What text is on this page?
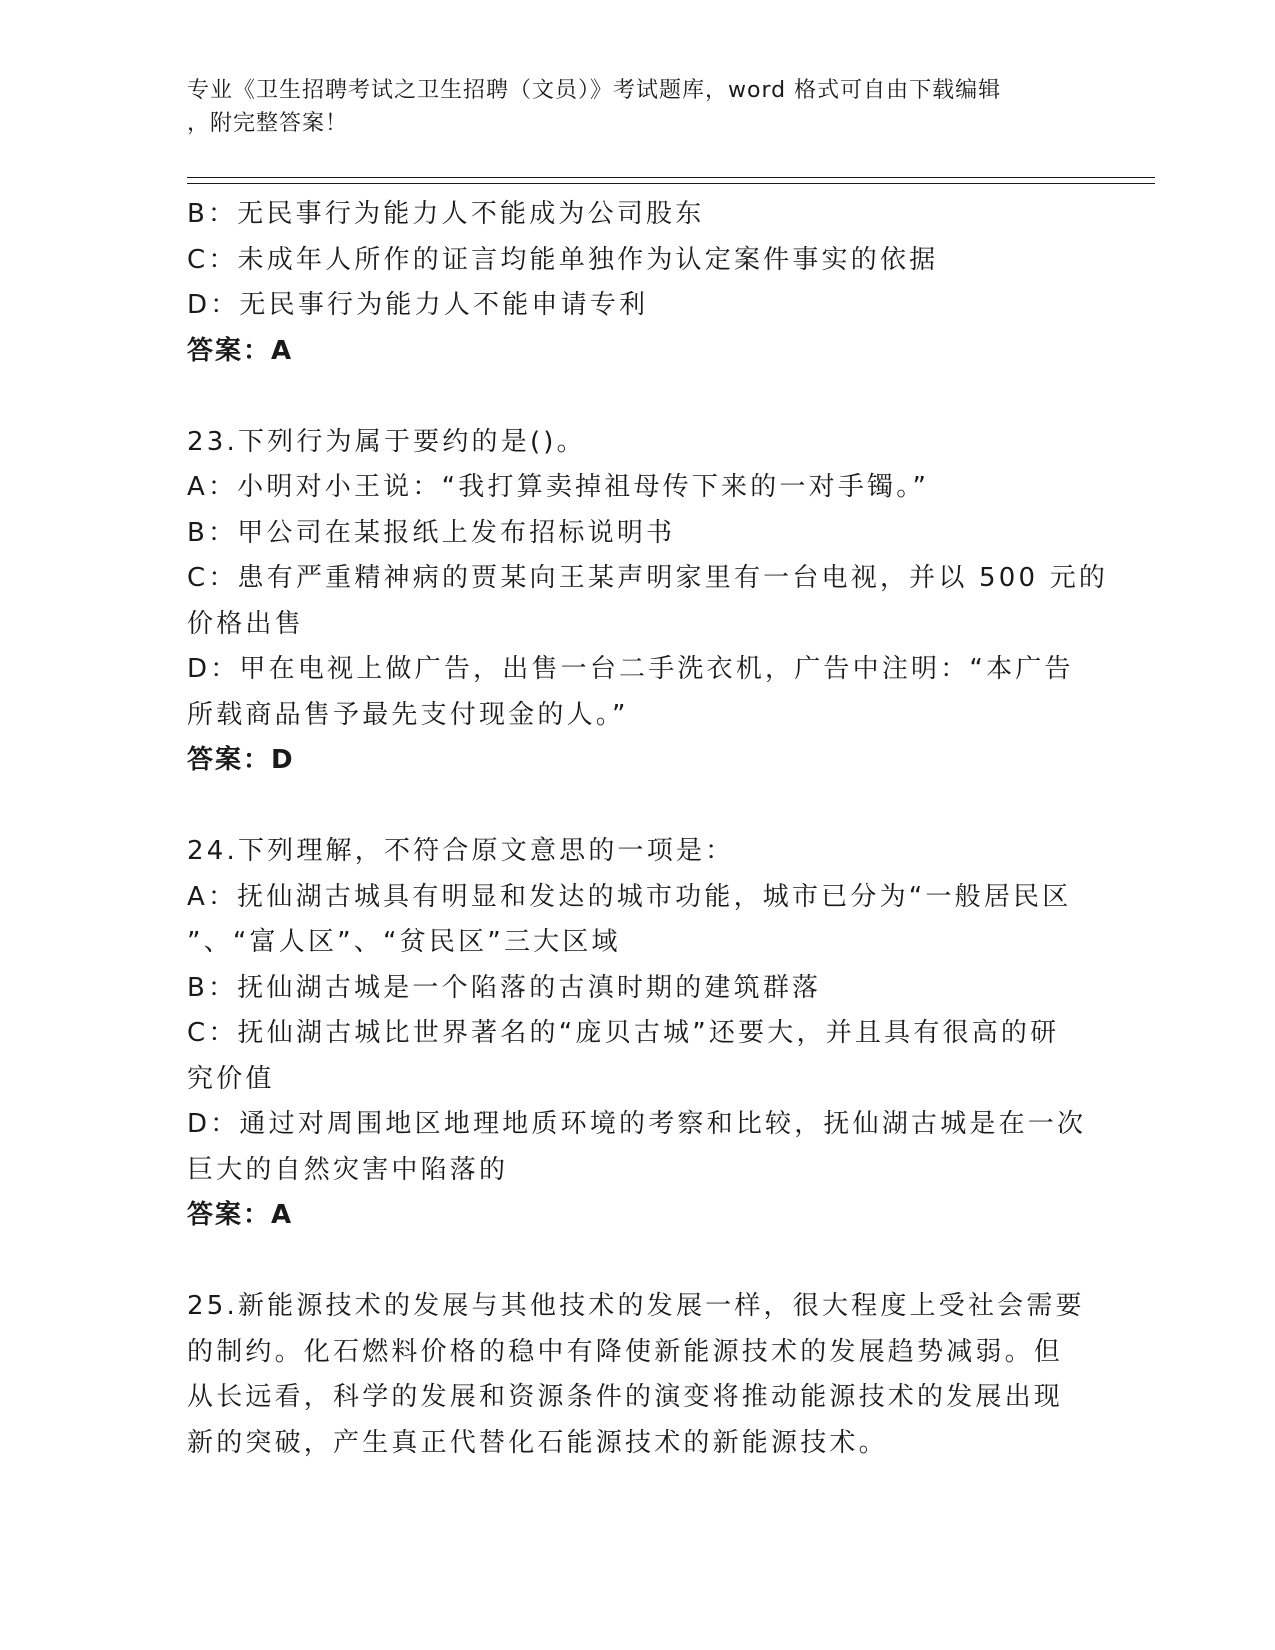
专业《卫生招聘考试之卫生招聘（文员）》考试题库，word 格式可自由下载编辑
，附完整答案！
B：无民事行为能力人不能成为公司股东
C：未成年人所作的证言均能单独作为认定案件事实的依据
D：无民事行为能力人不能申请专利
答案：A
23.下列行为属于要约的是()。
A：小明对小王说：“我打算卖掉祖母传下来的一对手镯。”
B：甲公司在某报纸上发布招标说明书
C：患有严重精神病的贾某向王某声明家里有一台电视，并以 500 元的
价格出售
D：甲在电视上做广告，出售一台二手洗衣机，广告中注明：“本广告
所载商品售予最先支付现金的人。”
答案：D
24.下列理解，不符合原文意思的一项是：
A：抚仙湖古城具有明显和发达的城市功能，城市已分为“一般居民区
”、“富人区”、“贫民区”三大区域
B：抚仙湖古城是一个陷落的古滇时期的建筑群落
C：抚仙湖古城比世界著名的“庞贝古城”还要大，并且具有很高的研
究价值
D：通过对周围地区地理地质环境的考察和比较，抚仙湖古城是在一次
巨大的自然灾害中陷落的
答案：A
25.新能源技术的发展与其他技术的发展一样，很大程度上受社会需要
的制约。化石燃料价格的稳中有降使新能源技术的发展趋势减弱。但
从长远看，科学的发展和资源条件的演变将推动能源技术的发展出现
新的突破，产生真正代替化石能源技术的新能源技术。
